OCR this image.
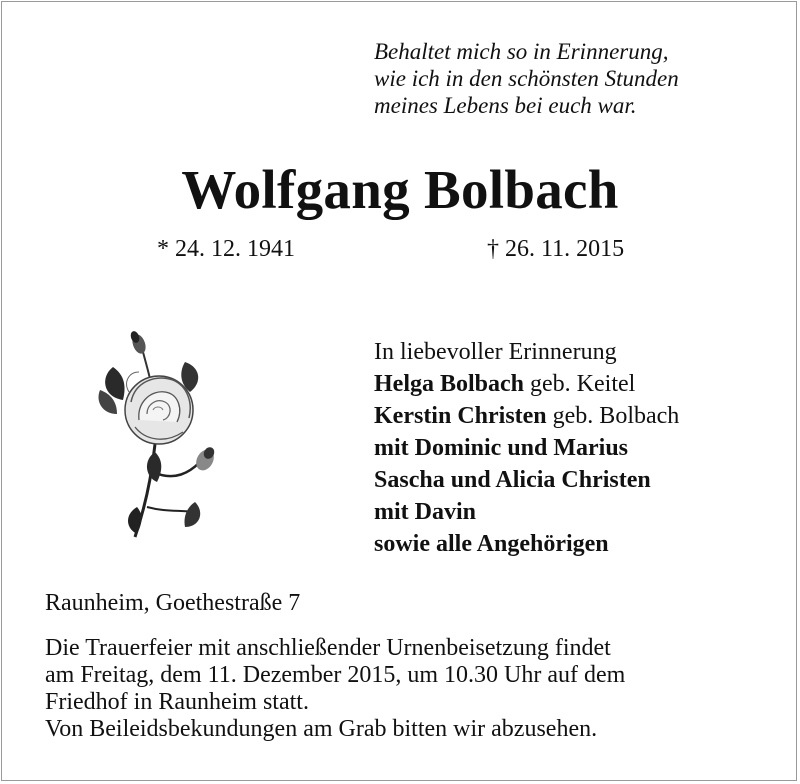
Behaltet mich so in Erinnerung,
wie ich in den schönsten Stunden
meines Lebens bei euch war.
Wolfgang Bolbach
* 24. 12. 1941	† 26. 11. 2015
In liebevoller Erinnerung
Helga Bolbach geb. Keitel
Kerstin Christen geb. Bolbach
mit Dominic und Marius
Sascha und Alicia Christen
mit Davin
sowie alle Angehörigen
Raunheim, Goethestraße 7
Die Trauerfeier mit anschließender Urnenbeisetzung findet
am Freitag, dem 11. Dezember 2015, um 10.30 Uhr auf dem
Friedhof in Raunheim statt.
Von Beileidsbekundungen am Grab bitten wir abzusehen.
